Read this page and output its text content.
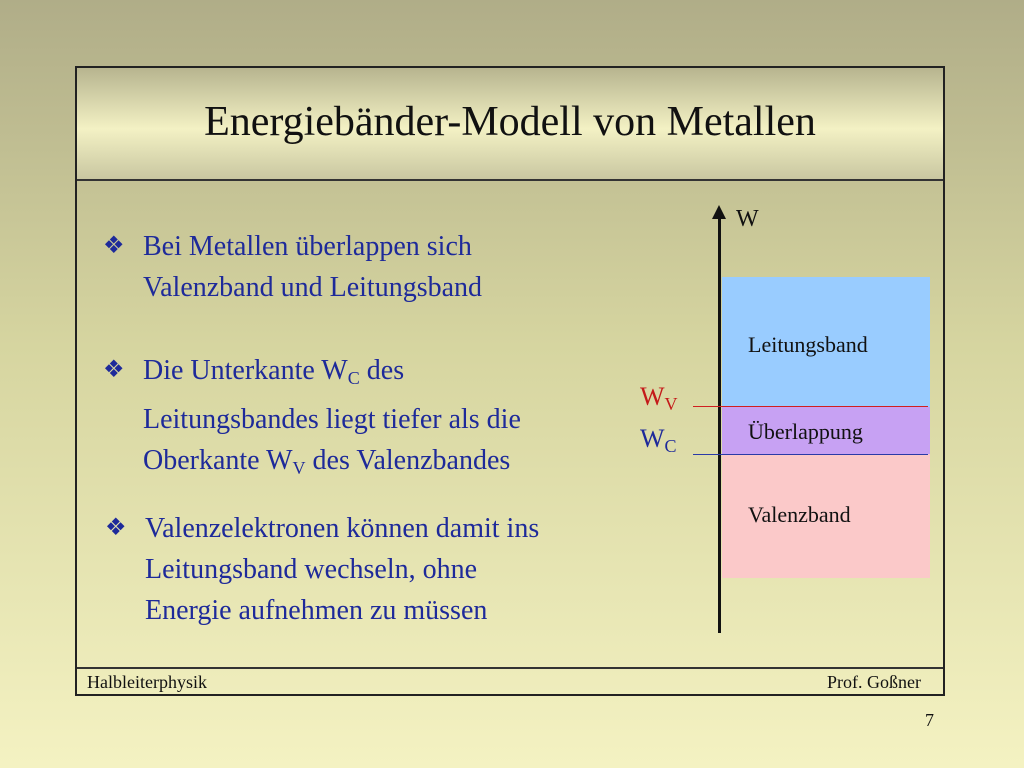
Energiebänder-Modell von Metallen
Halbleiterphysik	Prof. Goßner
❖ Bei Metallen überlappen sich
Valenzband und Leitungsband
❖ Die Unterkante $W_C$ des
Leitungsbandes liegt tiefer als die
Oberkante $W_V$ des Valenzbandes
❖ Valenzelektronen können damit ins
Leitungsband wechseln, ohne
Energie aufnehmen zu müssen
W
Leitungsband
Überlappung
Valenzband
$W_V$
$W_C$
7
